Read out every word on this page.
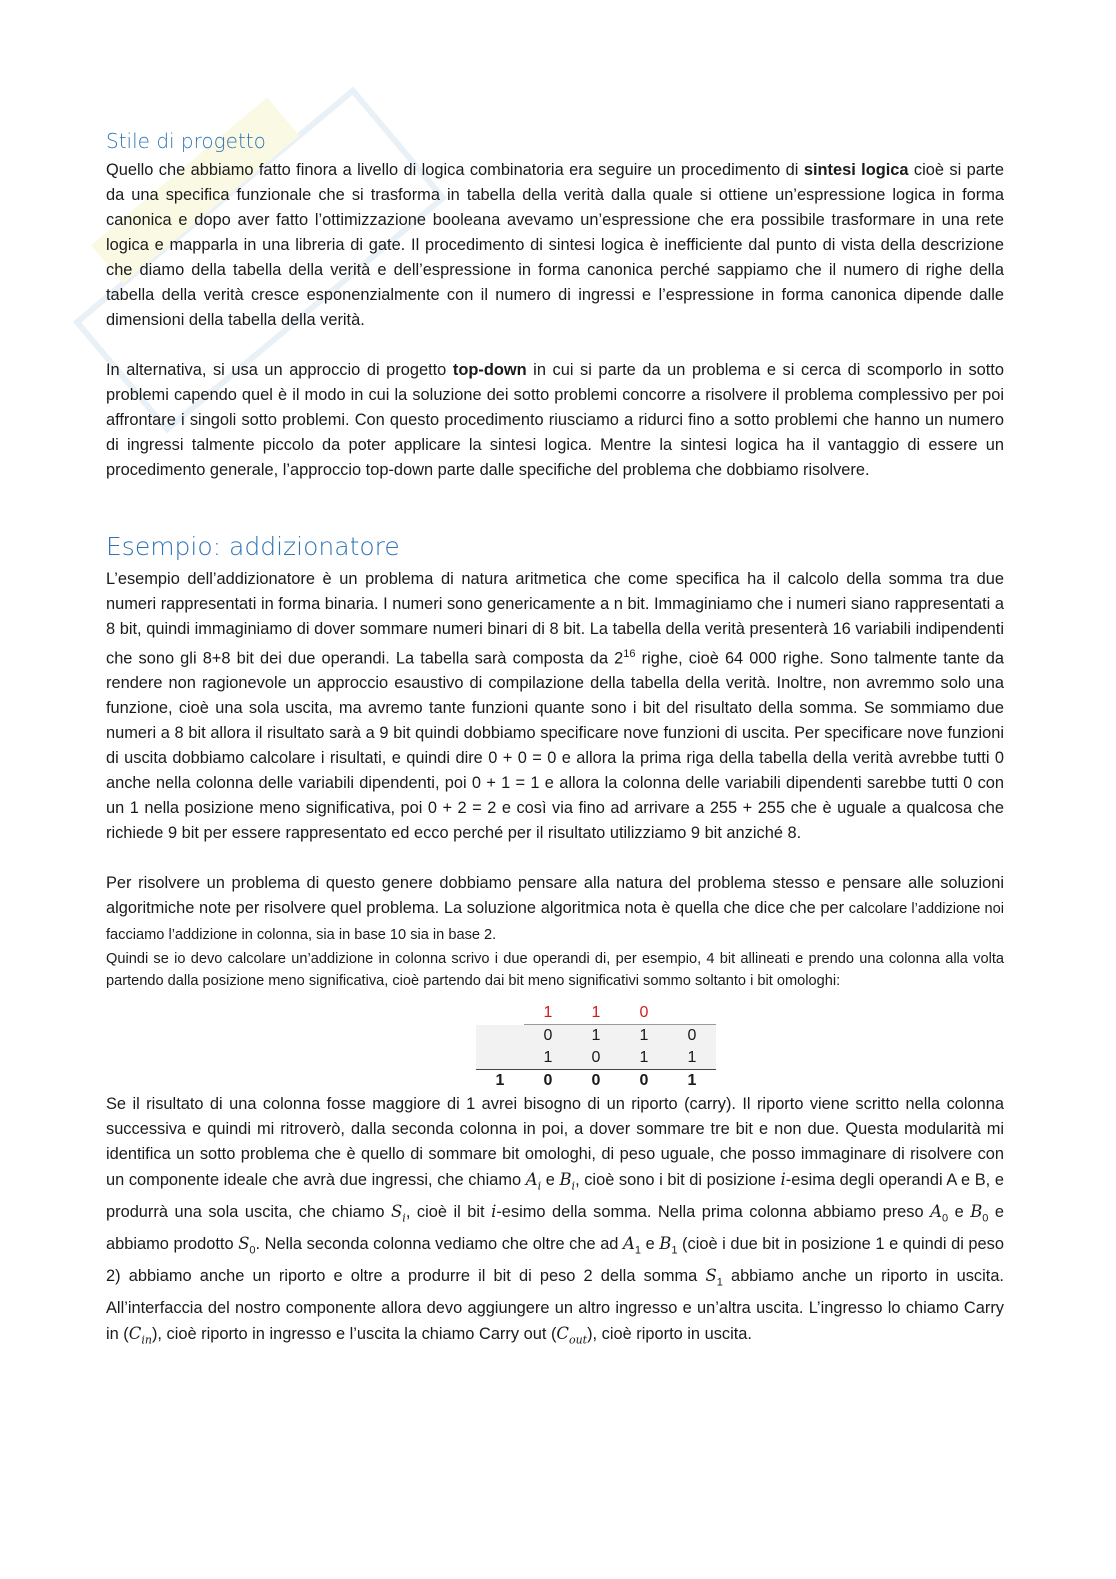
Stile di progetto

Quello che abbiamo fatto finora a livello di logica combinatoria era seguire un procedimento di sintesi logica cioè si parte da una specifica funzionale che si trasforma in tabella della verità dalla quale si ottiene un’espressione logica in forma canonica e dopo aver fatto l’ottimizzazione booleana avevamo un’espressione che era possibile trasformare in una rete logica e mapparla in una libreria di gate. Il procedimento di sintesi logica è inefficiente dal punto di vista della descrizione che diamo della tabella della verità e dell’espressione in forma canonica perché sappiamo che il numero di righe della tabella della verità cresce esponenzialmente con il numero di ingressi e l’espressione in forma canonica dipende dalle dimensioni della tabella della verità.

In alternativa, si usa un approccio di progetto top-down in cui si parte da un problema e si cerca di scomporlo in sotto problemi capendo quel è il modo in cui la soluzione dei sotto problemi concorre a risolvere il problema complessivo per poi affrontare i singoli sotto problemi. Con questo procedimento riusciamo a ridurci fino a sotto problemi che hanno un numero di ingressi talmente piccolo da poter applicare la sintesi logica. Mentre la sintesi logica ha il vantaggio di essere un procedimento generale, l’approccio top-down parte dalle specifiche del problema che dobbiamo risolvere.

Esempio: addizionatore

L’esempio dell’addizionatore è un problema di natura aritmetica che come specifica ha il calcolo della somma tra due numeri rappresentati in forma binaria. I numeri sono genericamente a n bit. Immaginiamo che i numeri siano rappresentati a 8 bit, quindi immaginiamo di dover sommare numeri binari di 8 bit. La tabella della verità presenterà 16 variabili indipendenti che sono gli 8+8 bit dei due operandi. La tabella sarà composta da $2^{16}$ righe, cioè 64 000 righe. Sono talmente tante da rendere non ragionevole un approccio esaustivo di compilazione della tabella della verità. Inoltre, non avremmo solo una funzione, cioè una sola uscita, ma avremo tante funzioni quante sono i bit del risultato della somma. Se sommiamo due numeri a 8 bit allora il risultato sarà a 9 bit quindi dobbiamo specificare nove funzioni di uscita. Per specificare nove funzioni di uscita dobbiamo calcolare i risultati, e quindi dire 0 + 0 = 0 e allora la prima riga della tabella della verità avrebbe tutti 0 anche nella colonna delle variabili dipendenti, poi 0 + 1 = 1 e allora la colonna delle variabili dipendenti sarebbe tutti 0 con un 1 nella posizione meno significativa, poi 0 + 2 = 2 e così via fino ad arrivare a 255 + 255 che è uguale a qualcosa che richiede 9 bit per essere rappresentato ed ecco perché per il risultato utilizziamo 9 bit anziché 8.

Per risolvere un problema di questo genere dobbiamo pensare alla natura del problema stesso e pensare alle soluzioni algoritmiche note per risolvere quel problema. La soluzione algoritmica nota è quella che dice che per calcolare l’addizione noi facciamo l’addizione in colonna, sia in base 10 sia in base 2.

Quindi se io devo calcolare un’addizione in colonna scrivo i due operandi di, per esempio, 4 bit allineati e prendo una colonna alla volta partendo dalla posizione meno significativa, cioè partendo dai bit meno significativi sommo soltanto i bit omologhi:

	1	1	0	
	0	1	1	0
	1	0	1	1
1	0	0	0	1

Se il risultato di una colonna fosse maggiore di 1 avrei bisogno di un riporto (carry). Il riporto viene scritto nella colonna successiva e quindi mi ritroverò, dalla seconda colonna in poi, a dover sommare tre bit e non due. Questa modularità mi identifica un sotto problema che è quello di sommare bit omologhi, di peso uguale, che posso immaginare di risolvere con un componente ideale che avrà due ingressi, che chiamo $A_i$ e $B_i$, cioè sono i bit di posizione i-esima degli operandi A e B, e produrrà una sola uscita, che chiamo $S_i$, cioè il bit i-esimo della somma. Nella prima colonna abbiamo preso $A_0$ e $B_0$ e abbiamo prodotto $S_0$. Nella seconda colonna vediamo che oltre che ad $A_1$ e $B_1$ (cioè i due bit in posizione 1 e quindi di peso 2) abbiamo anche un riporto e oltre a produrre il bit di peso 2 della somma $S_1$ abbiamo anche un riporto in uscita. All’interfaccia del nostro componente allora devo aggiungere un altro ingresso e un’altra uscita. L’ingresso lo chiamo Carry in $(C_{in})$, cioè riporto in ingresso e l’uscita la chiamo Carry out $(C_{out})$, cioè riporto in uscita.
